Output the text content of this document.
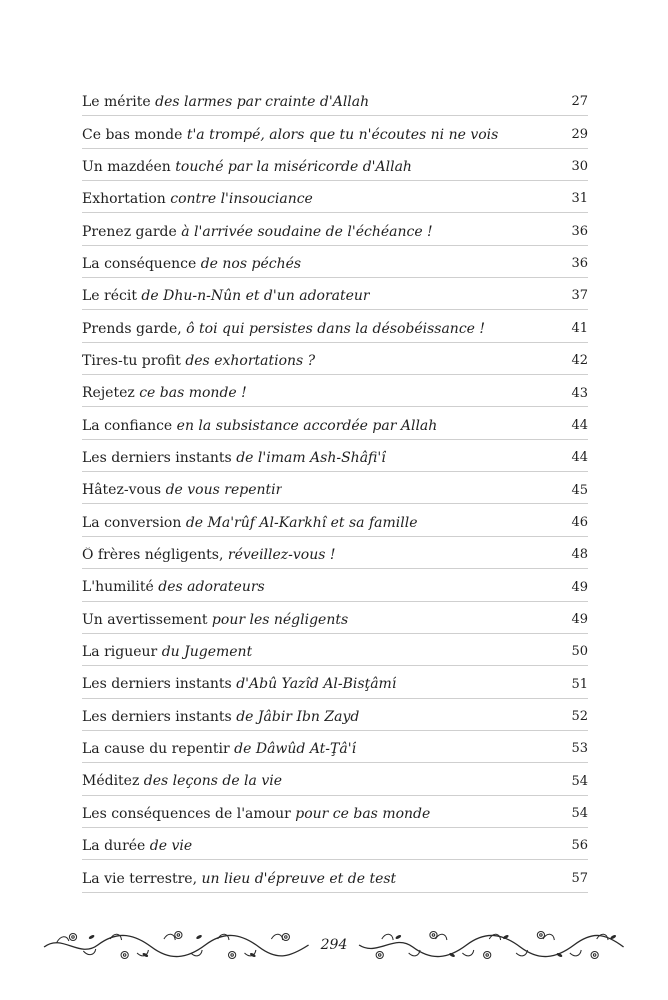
Le mérite des larmes par crainte d'Allah	27
Ce bas monde t'a trompé, alors que tu n'écoutes ni ne vois	29
Un mazdéen touché par la miséricorde d'Allah	30
Exhortation contre l'insouciance	31
Prenez garde à l'arrivée soudaine de l'échéance !	36
La conséquence de nos péchés	36
Le récit de Dhu-n-Nûn et d'un adorateur	37
Prends garde, ô toi qui persistes dans la désobéissance !	41
Tires-tu profit des exhortations ?	42
Rejetez ce bas monde !	43
La confiance en la subsistance accordée par Allah	44
Les derniers instants de l'imam Ash-Shâfi'î	44
Hâtez-vous de vous repentir	45
La conversion de Ma'rûf Al-Karkhî et sa famille	46
Ô frères négligents, réveillez-vous !	48
L'humilité des adorateurs	49
Un avertissement pour les négligents	49
La rigueur du Jugement	50
Les derniers instants d'Abû Yazîd Al-Bisţâmî	51
Les derniers instants de Jâbir Ibn Zayd	52
La cause du repentir de Dâwûd At-Ţâ'î	53
Méditez des leçons de la vie	54
Les conséquences de l'amour pour ce bas monde	54
La durée de vie	56
La vie terrestre, un lieu d'épreuve et de test	57
294
